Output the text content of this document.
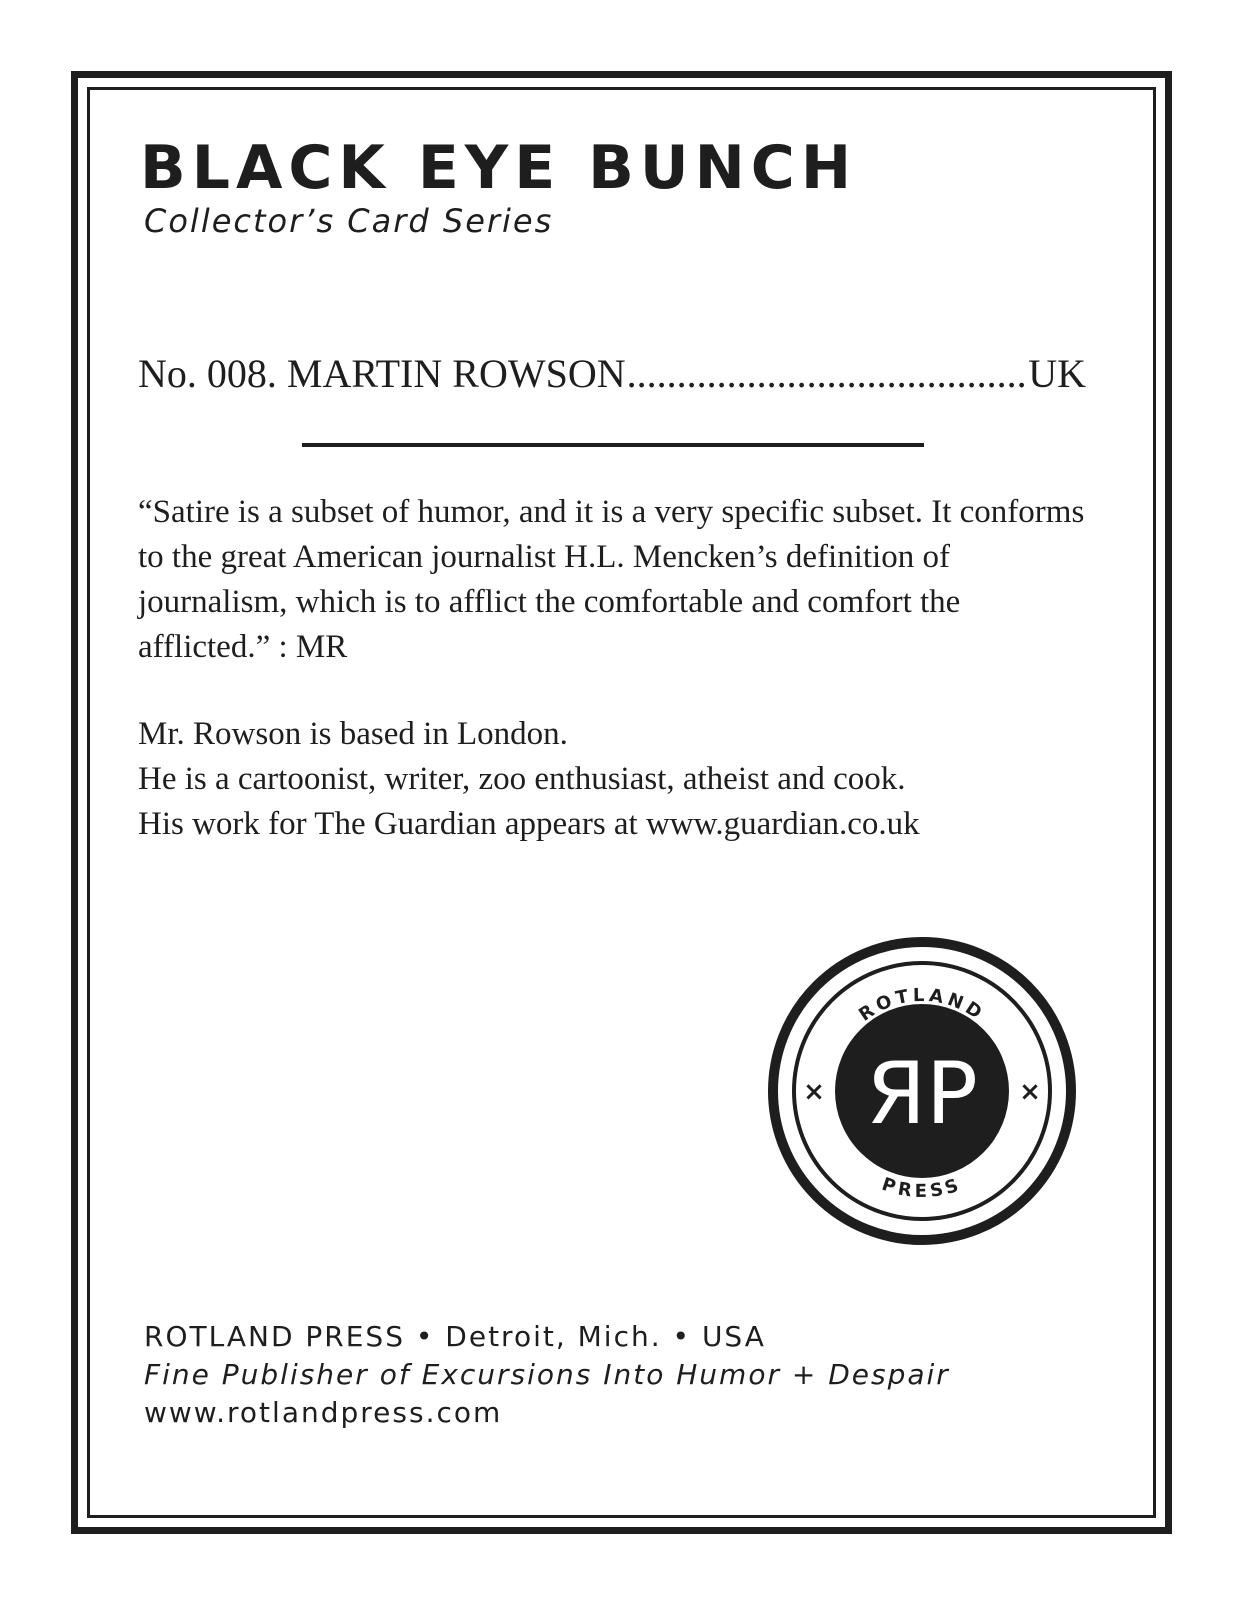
BLACK EYE BUNCH
Collector’s Card Series
No. 008. MARTIN ROWSON
.....	UK

“Satire is a subset of humor, and it is a very specific subset. It conforms to the great American journalist H.L. Mencken’s definition of journalism, which is to afflict the comfortable and comfort the afflicted.” : MR

Mr. Rowson is based in London.
He is a cartoonist, writer, zoo enthusiast, atheist and cook.
His work for The Guardian appears at www.guardian.co.uk
ROTLAND
PRESS
ЯP
×	×
ROTLAND PRESS • Detroit, Mich. • USA
Fine Publisher of Excursions Into Humor + Despair
www.rotlandpress.com
